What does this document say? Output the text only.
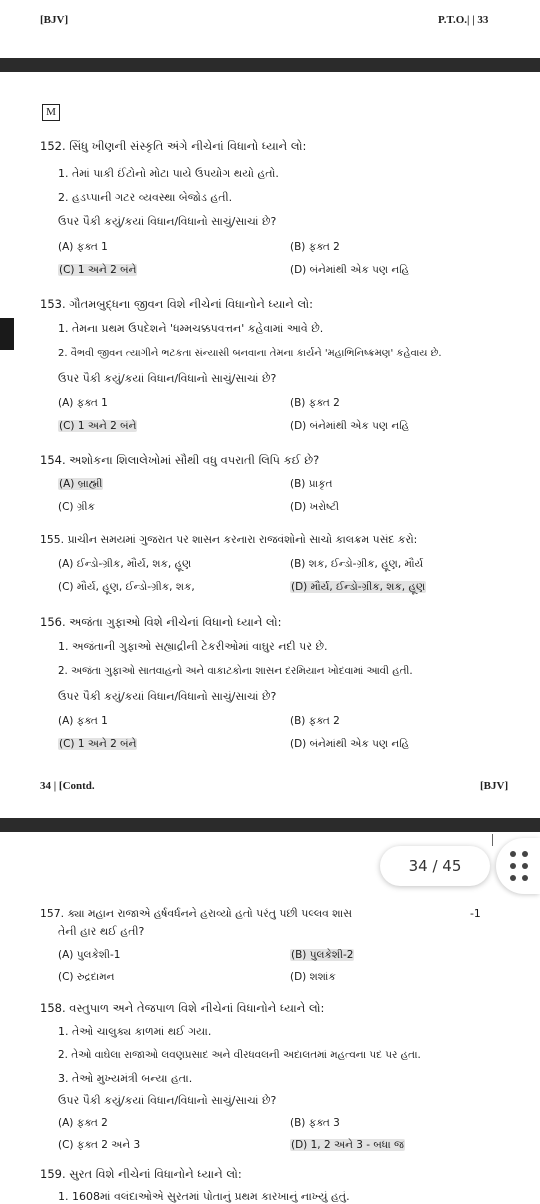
[BJV]	P.T.O.| | 33
M
152. સિંધુ ખીણની સંસ્કૃતિ અંગે નીચેનાં વિધાનો ધ્યાને લો:
1. તેમાં પાકી ઈંટોનો મોટા પાયે ઉપયોગ થયો હતો.
2. હડપ્પાની ગટર વ્યવસ્થા બેજોડ હતી.
ઉપર પૈકી કયું/કયાં વિધાન/વિધાનો સાચું/સાચાં છે?
(A) ફક્ત 1	(B) ફક્ત 2
(C) 1 અને 2 બંને	(D) બંનેમાંથી એક પણ નહિ
153. ગૌતમબુદ્ધના જીવન વિશે નીચેનાં વિધાનોને ધ્યાને લો:
1. તેમના પ્રથમ ઉપદેશને 'ધમ્મચક્કપવત્તન' કહેવામાં આવે છે.
2. વૈભવી જીવન ત્યાગીને ભટકતા સંન્યાસી બનવાના તેમના કાર્યને 'મહાભિનિષ્ક્રમણ' કહેવાય છે.
ઉપર પૈકી કયું/કયાં વિધાન/વિધાનો સાચું/સાચાં છે?
(A) ફક્ત 1	(B) ફક્ત 2
(C) 1 અને 2 બંને	(D) બંનેમાંથી એક પણ નહિ
154. અશોકના શિલાલેખોમાં સૌથી વધુ વપરાતી લિપિ કઈ છે?
(A) બ્રાહ્મી	(B) પ્રાકૃત
(C) ગ્રીક	(D) ખરોષ્ટી
155. પ્રાચીન સમયમાં ગુજરાત પર શાસન કરનારા રાજવંશોનો સાચો કાલક્રમ પસંદ કરો:
(A) ઈન્ડો-ગ્રીક, મૌર્ય, શક, હૂણ	(B) શક, ઈન્ડો-ગ્રીક, હૂણ, મૌર્ય
(C) મૌર્ય, હૂણ, ઈન્ડો-ગ્રીક, શક,	(D) મૌર્ય, ઈન્ડો-ગ્રીક, શક, હૂણ
156. અજંતા ગુફાઓ વિશે નીચેનાં વિધાનો ધ્યાને લો:
1. અજંતાની ગુફાઓ સહ્યાદ્રીની ટેકરીઓમાં વાઘુર નદી પર છે.
2. અજંતા ગુફાઓ સાતવાહનો અને વાકાટકોના શાસન દરમિયાન ખોદવામાં આવી હતી.
ઉપર પૈકી કયું/કયાં વિધાન/વિધાનો સાચું/સાચાં છે?
(A) ફક્ત 1	(B) ફક્ત 2
(C) 1 અને 2 બંને	(D) બંનેમાંથી એક પણ નહિ
34 | [Contd.	[BJV]
157. ક્યા મહાન રાજાએ હર્ષવર્ધનને હરાવ્યો હતો પરંતુ પછી પલ્લવ શાસ	-1
તેની હાર થઈ હતી?
(A) પુલકેશી-1	(B) પુલકેશી-2
(C) રુદ્રદામન	(D) શશાંક
158. વસ્તુપાળ અને તેજપાળ વિશે નીચેનાં વિધાનોને ધ્યાને લો:
1. તેઓ ચાલુક્ય કાળમાં થઈ ગયા.
2. તેઓ વાઘેલા રાજાઓ લવણપ્રસાદ અને વીરધવલની અદાલતમાં મહત્વના પદ પર હતા.
3. તેઓ મુખ્યમંત્રી બન્યા હતા.
ઉપર પૈકી કયું/કયાં વિધાન/વિધાનો સાચું/સાચાં છે?
(A) ફક્ત 2	(B) ફક્ત 3
(C) ફક્ત 2 અને 3	(D) 1, 2 અને 3 - બધા જ
159. સુરત વિશે નીચેનાં વિધાનોને ધ્યાને લો:
1. 1608માં વલંદાઓએ સુરતમાં પોતાનું પ્રથમ કારખાનું નાખ્યું હતું.
34 / 45
